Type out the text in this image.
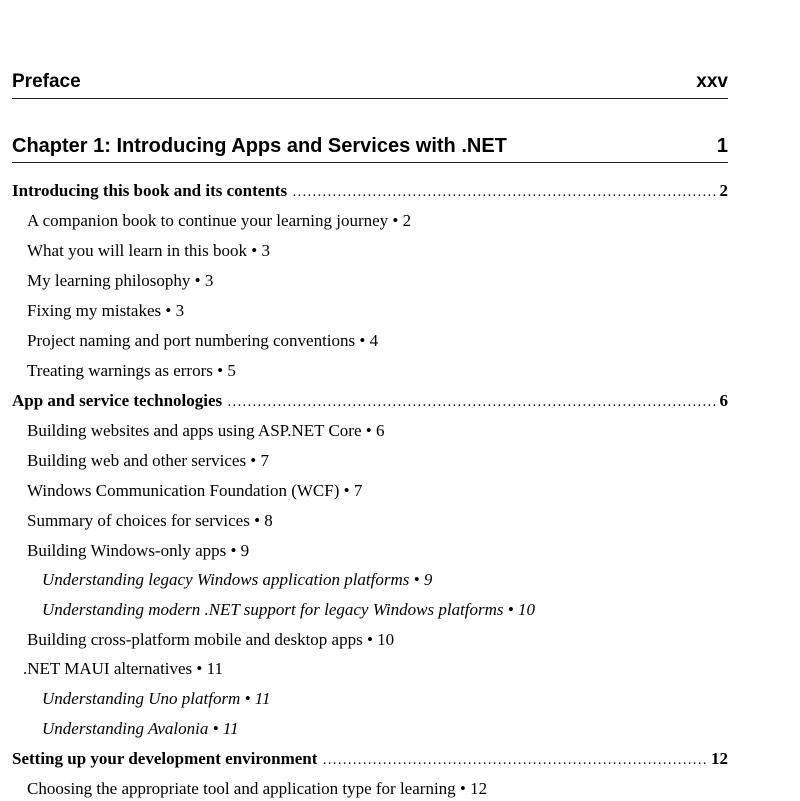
Preface	xxv
Chapter 1: Introducing Apps and Services with .NET	1
Introducing this book and its contents . . .	2
A companion book to continue your learning journey • 2
What you will learn in this book • 3
My learning philosophy • 3
Fixing my mistakes • 3
Project naming and port numbering conventions • 4
Treating warnings as errors • 5
App and service technologies . . .	6
Building websites and apps using ASP.NET Core • 6
Building web and other services • 7
Windows Communication Foundation (WCF) • 7
Summary of choices for services • 8
Building Windows-only apps • 9
Understanding legacy Windows application platforms • 9
Understanding modern .NET support for legacy Windows platforms • 10
Building cross-platform mobile and desktop apps • 10
.NET MAUI alternatives • 11
Understanding Uno platform • 11
Understanding Avalonia • 11
Setting up your development environment . . .	12
Choosing the appropriate tool and application type for learning • 12
